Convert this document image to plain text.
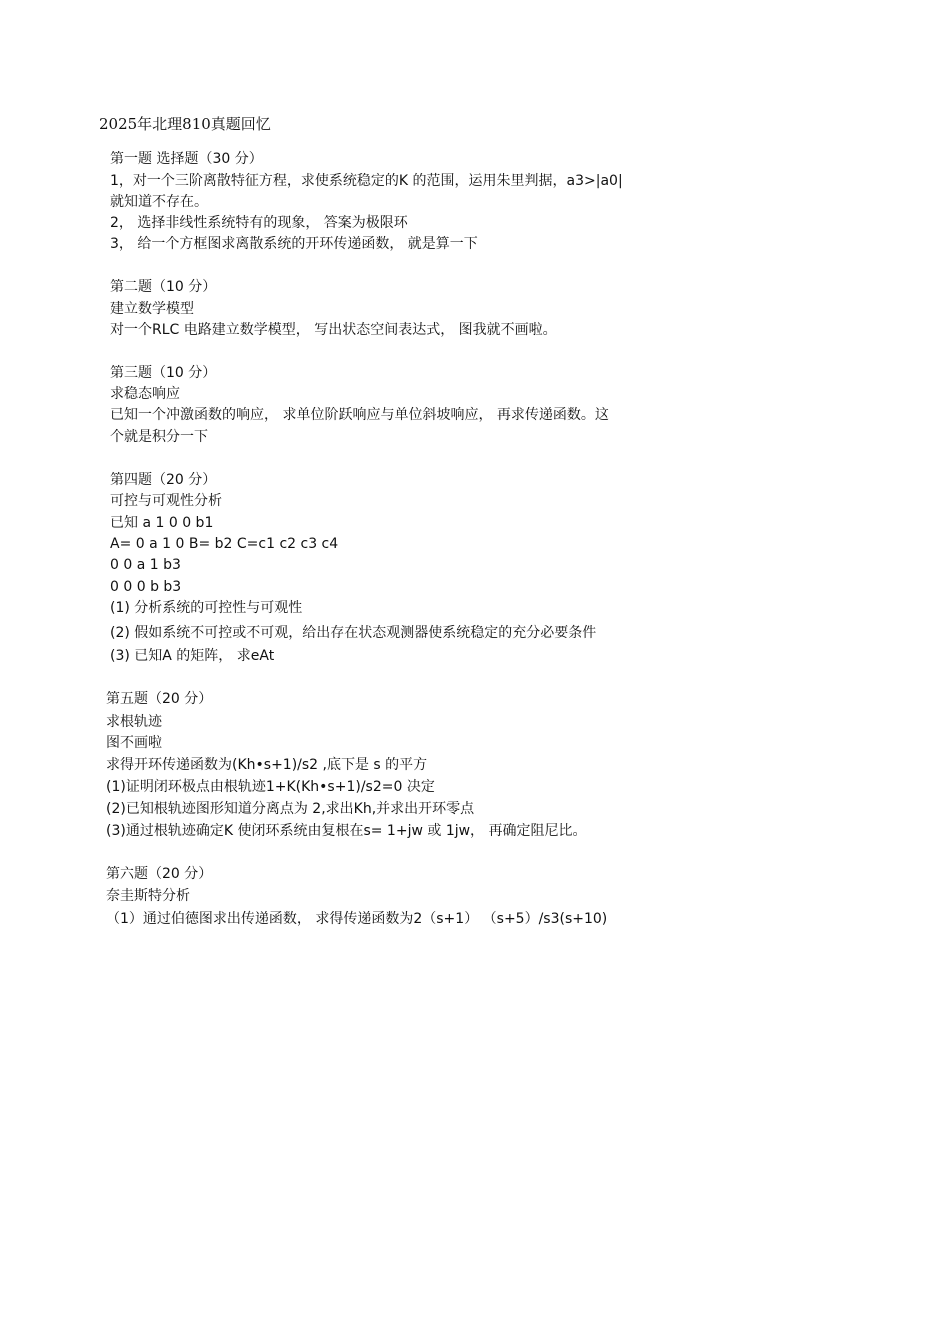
2025年北理810真题回忆
第一题 选择题（30 分）
1，对一个三阶离散特征方程，求使系统稳定的K 的范围，运用朱里判据，a3>|a0|
就知道不存在。
2， 选择非线性系统特有的现象， 答案为极限环
3， 给一个方框图求离散系统的开环传递函数， 就是算一下
第二题（10 分）
建立数学模型
对一个RLC 电路建立数学模型， 写出状态空间表达式， 图我就不画啦。
第三题（10 分）
求稳态响应
已知一个冲激函数的响应， 求单位阶跃响应与单位斜坡响应， 再求传递函数。这
个就是积分一下
第四题（20 分）
可控与可观性分析
已知 a 1 0 0 b1
A= 0 a 1 0 B= b2 C=c1 c2 c3 c4
0 0 a 1 b3
0 0 0 b b3
(1) 分析系统的可控性与可观性
(2) 假如系统不可控或不可观，给出存在状态观测器使系统稳定的充分必要条件
(3) 已知A 的矩阵， 求eAt
第五题（20 分）
求根轨迹
图不画啦
求得开环传递函数为(Kh•s+1)/s2 ,底下是 s 的平方
(1)证明闭环极点由根轨迹1+K(Kh•s+1)/s2=0 决定
(2)已知根轨迹图形知道分离点为 2,求出Kh,并求出开环零点
(3)通过根轨迹确定K 使闭环系统由复根在s= 1+jw 或 1jw， 再确定阻尼比。
第六题（20 分）
奈圭斯特分析
（1）通过伯德图求出传递函数， 求得传递函数为2（s+1） （s+5）/s3(s+10)
